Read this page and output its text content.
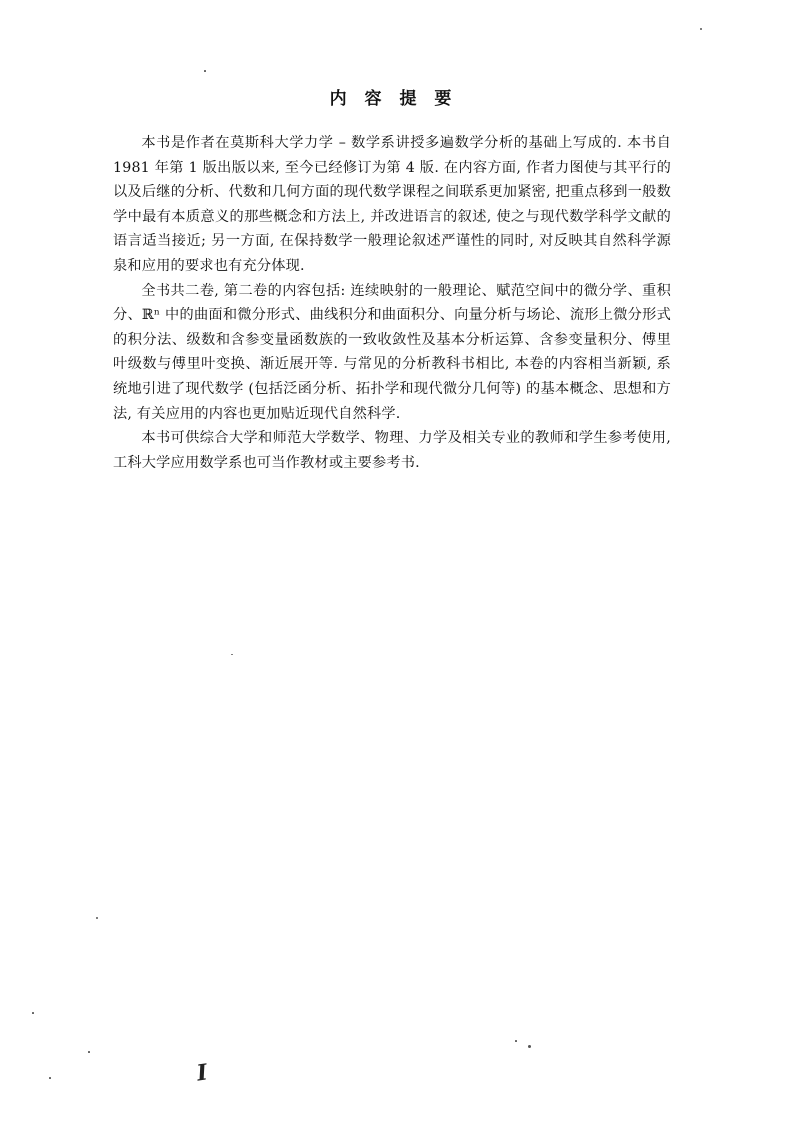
内 容 提 要

本书是作者在莫斯科大学力学 – 数学系讲授多遍数学分析的基础上写成的. 本书自 1981 年第 1 版出版以来, 至今已经修订为第 4 版. 在内容方面, 作者力图使与其平行的以及后继的分析、代数和几何方面的现代数学课程之间联系更加紧密, 把重点移到一般数学中最有本质意义的那些概念和方法上, 并改进语言的叙述, 使之与现代数学科学文献的语言适当接近; 另一方面, 在保持数学一般理论叙述严谨性的同时, 对反映其自然科学源泉和应用的要求也有充分体现.

全书共二卷, 第二卷的内容包括: 连续映射的一般理论、赋范空间中的微分学、重积分、ℝⁿ 中的曲面和微分形式、曲线积分和曲面积分、向量分析与场论、流形上微分形式的积分法、级数和含参变量函数族的一致收敛性及基本分析运算、含参变量积分、傅里叶级数与傅里叶变换、渐近展开等. 与常见的分析教科书相比, 本卷的内容相当新颖, 系统地引进了现代数学 (包括泛函分析、拓扑学和现代微分几何等) 的基本概念、思想和方法, 有关应用的内容也更加贴近现代自然科学.

本书可供综合大学和师范大学数学、物理、力学及相关专业的教师和学生参考使用, 工科大学应用数学系也可当作教材或主要参考书.

I
